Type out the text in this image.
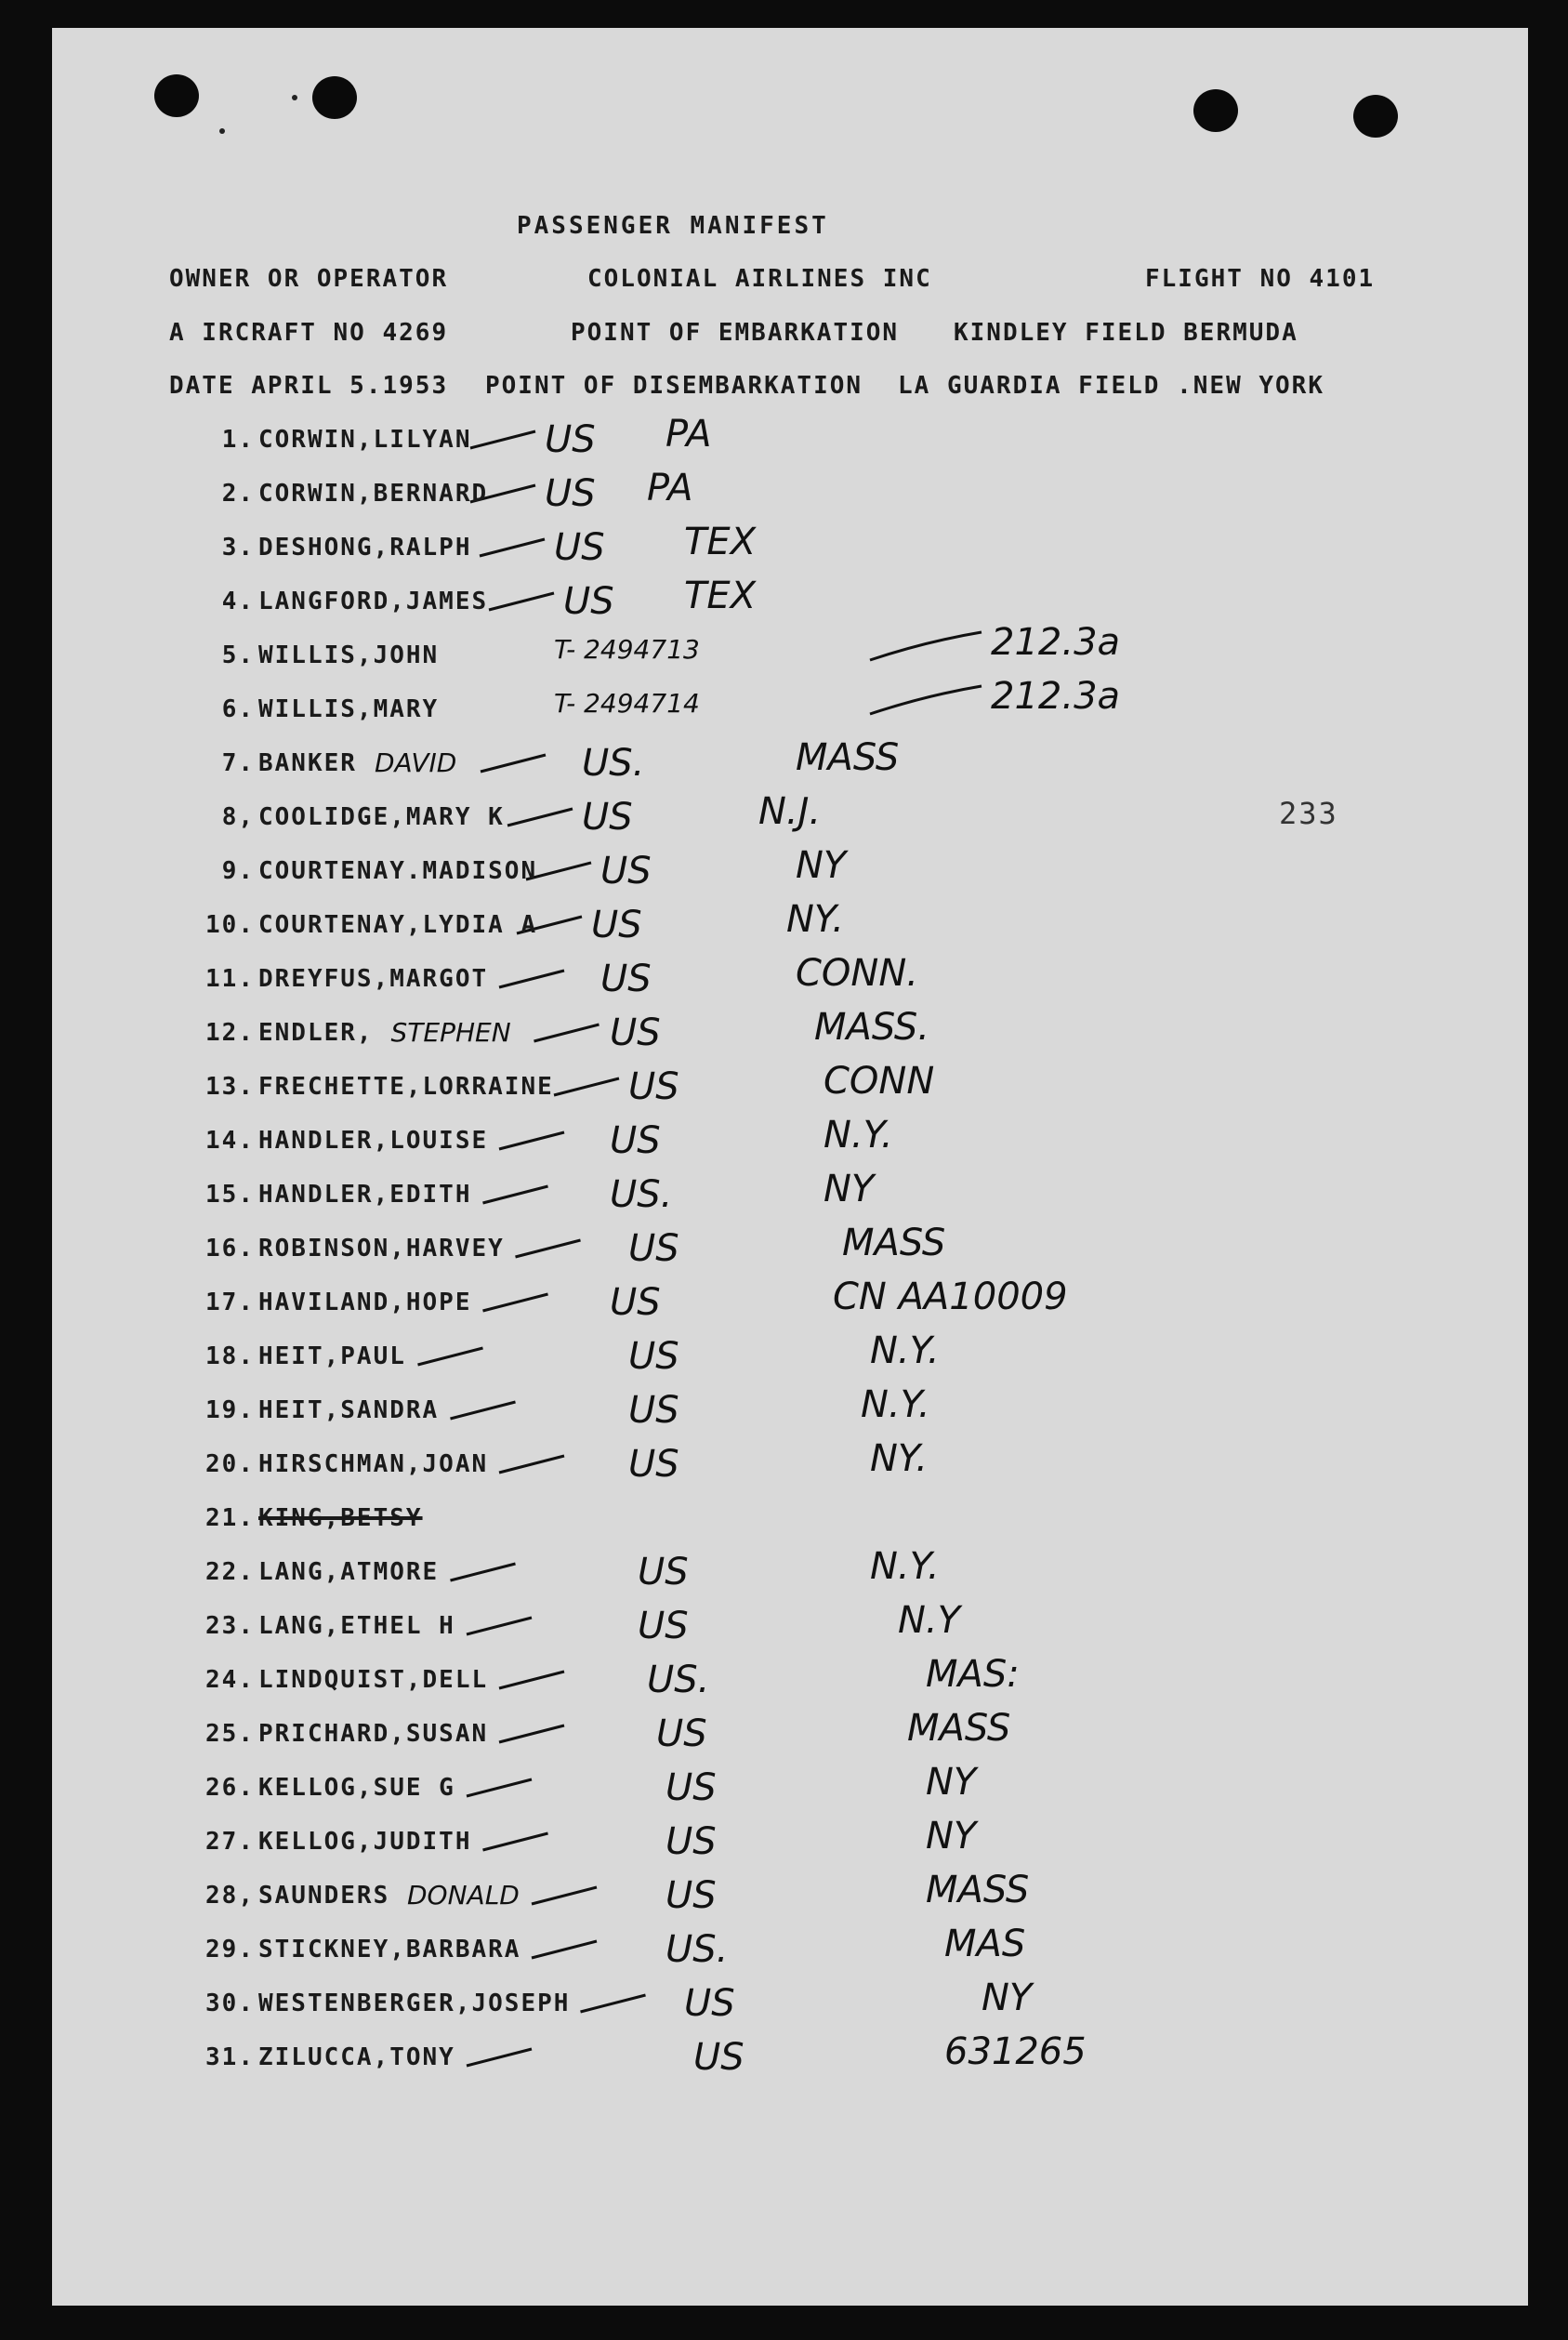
PASSENGER MANIFEST
OWNER OR OPERATOR	COLONIAL AIRLINES INC	FLIGHT NO 4101
A IRCRAFT NO 4269	POINT OF EMBARKATION KINDLEY FIELD BERMUDA
DATE APRIL 5.1953 POINT OF DISEMBARKATION LA GUARDIA FIELD .NEW YORK
233
1. CORWIN,LILYAN US PA
2. CORWIN,BERNARD US PA
3. DESHONG,RALPH US TEX
4. LANGFORD,JAMES US TEX
5. WILLIS,JOHN	T- 2494713	212.3a
6. WILLIS,MARY	T- 2494714	212.3a
7. BANKER DAVID	US.	MASS
8, COOLIDGE,MARY K US	N.J.
9. COURTENAY.MADISON US	NY
10. COURTENAY,LYDIA A US	NY.
11. DREYFUS,MARGOT	US	CONN.
12. ENDLER, STEPHEN	US	MASS.
13. FRECHETTE,LORRAINE US	CONN
14. HANDLER,LOUISE	US	N.Y.
15. HANDLER,EDITH	US.	NY
16. ROBINSON,HARVEY	US	MASS
17. HAVILAND,HOPE	US	CN AA10009
18. HEIT,PAUL	US	N.Y.
19. HEIT,SANDRA	US	N.Y.
20. HIRSCHMAN,JOAN	US	NY.
21. KING,BETSY
22. LANG,ATMORE	US	N.Y.
23. LANG,ETHEL H	US	N.Y
24. LINDQUIST,DELL	US.	MAS:
25. PRICHARD,SUSAN	US	MASS
26. KELLOG,SUE G	US	NY
27. KELLOG,JUDITH	US	NY
28, SAUNDERS DONALD	US	MASS
29. STICKNEY,BARBARA	US.	MAS
30. WESTENBERGER,JOSEPH	US	NY
31. ZILUCCA,TONY	US	631265
